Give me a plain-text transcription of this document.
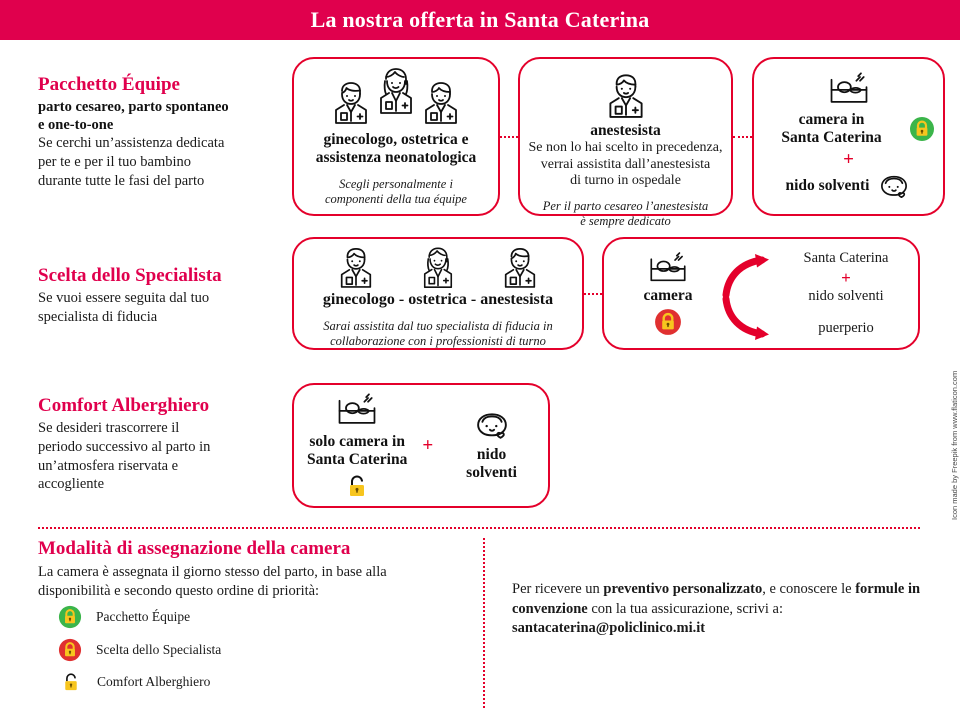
La nostra offerta in Santa Caterina
Pacchetto Équipe
parto cesareo, parto spontaneo
e one-to-one
Se cerchi un’assistenza dedicata
per te e per il tuo bambino
durante tutte le fasi del parto
Scelta dello Specialista
Se vuoi essere seguita dal tuo
specialista di fiducia
Comfort Alberghiero
Se desideri trascorrere il
periodo successivo al parto in
un’atmosfera riservata e
accogliente
ginecologo, ostetrica e
assistenza neonatologica
Scegli personalmente i
componenti della tua équipe
anestesista
Se non lo hai scelto in precedenza,
verrai assistita dall’anestesista
di turno in ospedale
Per il parto cesareo l’anestesista
è sempre dedicato
camera in
Santa Caterina
+
nido solventi
ginecologo - ostetrica - anestesista
Sarai assistita dal tuo specialista di fiducia in
collaborazione con i professionisti di turno
camera
Santa Caterina
+
nido solventi
puerperio
solo camera in
Santa Caterina
+	nido
solventi
Modalità di assegnazione della camera
La camera è assegnata il giorno stesso del parto, in base alla
disponibilità e secondo questo ordine di priorità:
Pacchetto Équipe
Scelta dello Specialista
Comfort Alberghiero
Per ricevere un preventivo personalizzato, e conoscere le formule in convenzione con la tua assicurazione, scrivi a:
santacaterina@policlinico.mi.it
Icon made by Freepik from www.flaticon.com
